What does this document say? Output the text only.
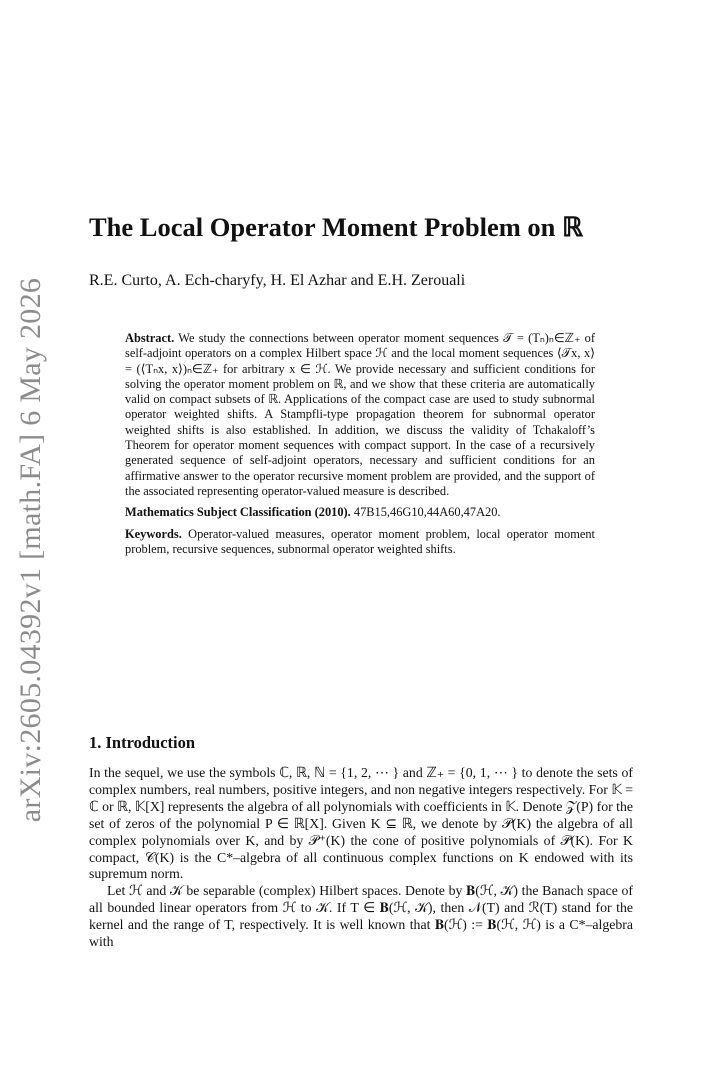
arXiv:2605.04392v1 [math.FA] 6 May 2026
The Local Operator Moment Problem on ℝ
R.E. Curto, A. Ech-charyfy, H. El Azhar and E.H. Zerouali

Abstract. We study the connections between operator moment sequences 𝒯 = (Tₙ)ₙ∈ℤ₊ of self-adjoint operators on a complex Hilbert space ℋ and the local moment sequences ⟨𝒯x, x⟩ = (⟨Tₙx, x⟩)ₙ∈ℤ₊ for arbitrary x ∈ ℋ. We provide necessary and sufficient conditions for solving the operator moment problem on ℝ, and we show that these criteria are automatically valid on compact subsets of ℝ. Applications of the compact case are used to study subnormal operator weighted shifts. A Stampfli-type propagation theorem for subnormal operator weighted shifts is also established. In addition, we discuss the validity of Tchakaloff’s Theorem for operator moment sequences with compact support. In the case of a recursively generated sequence of self-adjoint operators, necessary and sufficient conditions for an affirmative answer to the operator recursive moment problem are provided, and the support of the associated representing operator-valued measure is described.

Mathematics Subject Classification (2010). 47B15,46G10,44A60,47A20.

Keywords. Operator-valued measures, operator moment problem, local operator moment problem, recursive sequences, subnormal operator weighted shifts.

1. Introduction

In the sequel, we use the symbols ℂ, ℝ, ℕ = {1, 2, ⋯ } and ℤ₊ = {0, 1, ⋯ } to denote the sets of complex numbers, real numbers, positive integers, and non negative integers respectively. For 𝕂 = ℂ or ℝ, 𝕂[X] represents the algebra of all polynomials with coefficients in 𝕂. Denote 𝒵(P) for the set of zeros of the polynomial P ∈ ℝ[X]. Given K ⊆ ℝ, we denote by 𝒫(K) the algebra of all complex polynomials over K, and by 𝒫⁺(K) the cone of positive polynomials of 𝒫(K). For K compact, 𝒞(K) is the C*–algebra of all continuous complex functions on K endowed with its supremum norm.

Let ℋ and 𝒦 be separable (complex) Hilbert spaces. Denote by 𝐁(ℋ, 𝒦) the Banach space of all bounded linear operators from ℋ to 𝒦. If T ∈ 𝐁(ℋ, 𝒦), then 𝒩(T) and ℛ(T) stand for the kernel and the range of T, respectively. It is well known that 𝐁(ℋ) := 𝐁(ℋ, ℋ) is a C*–algebra with
